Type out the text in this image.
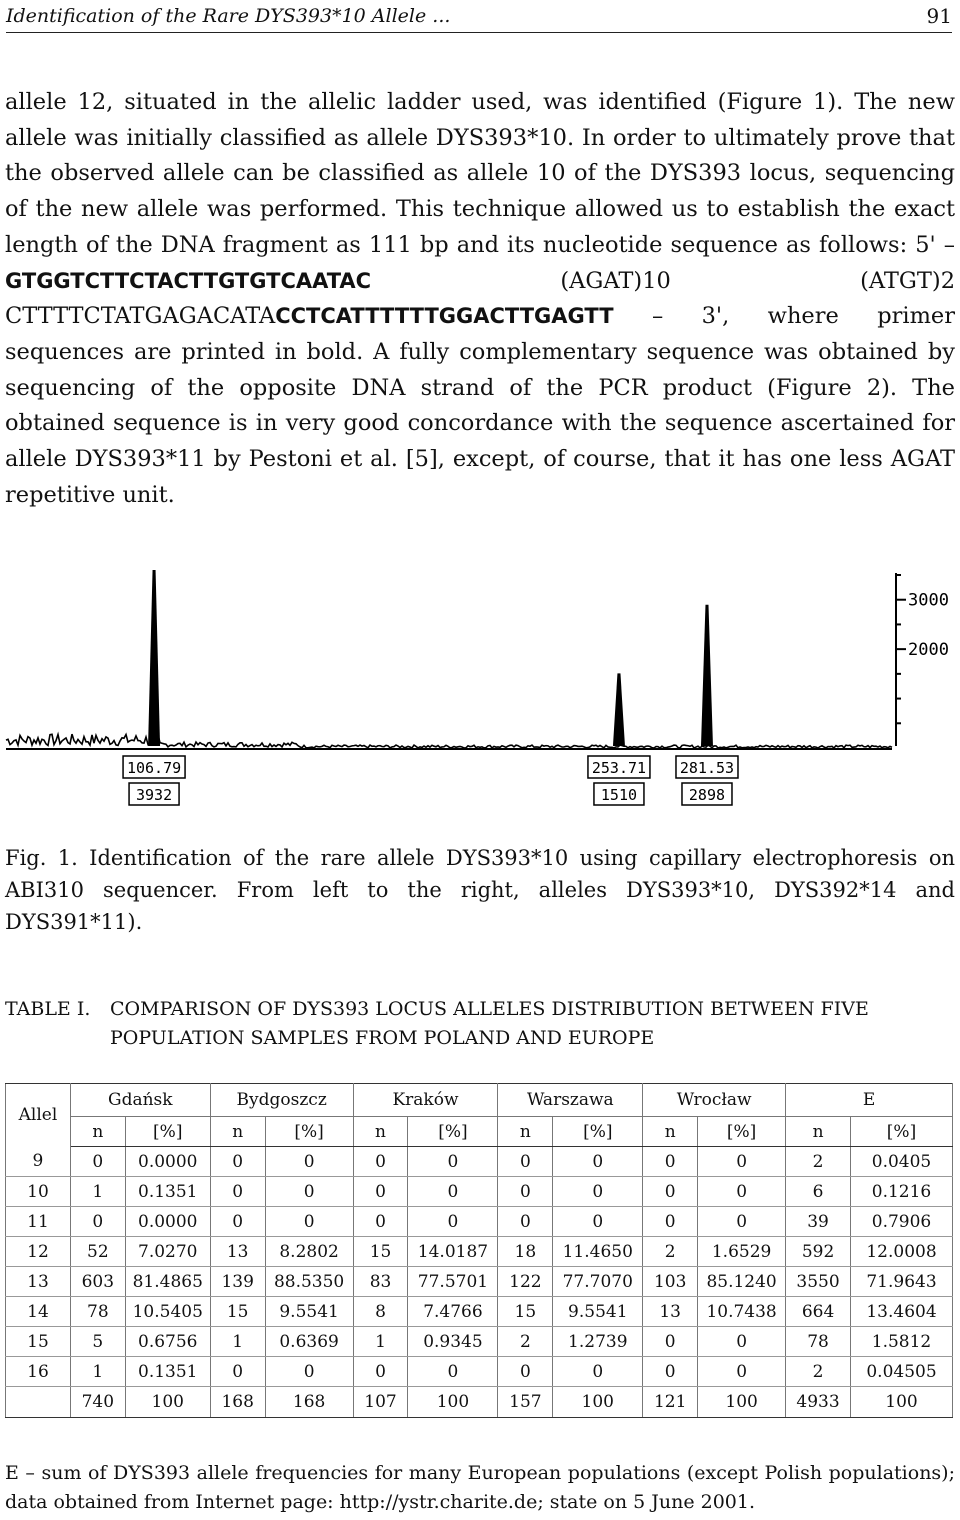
Identification of the Rare DYS393*10 Allele ...	91

allele 12, situated in the allelic ladder used, was identified (Figure 1). The new allele was initially classified as allele DYS393*10. In order to ultimately prove that the observed allele can be classified as allele 10 of the DYS393 locus, sequencing of the new allele was performed. This technique allowed us to establish the exact length of the DNA fragment as 111 bp and its nucleotide sequence as follows: 5' – GTGGTCTTCTACTTGTGTCAATAC	(AGAT)10 (ATGT)2 CTTTTCTATGAGACATACCTCATTTTTTGGACTTGAGTT – 3', where primer sequences are printed in bold. A fully complementary sequence was obtained by sequencing of the opposite DNA strand of the PCR product (Figure 2). The obtained sequence is in very good concordance with the sequence ascertained for allele DYS393*11 by Pestoni et al. [5], except, of course, that it has one less AGAT repetitive unit.

106.79
3932
253.71
1510
281.53
2898
3000
2000

Fig. 1. Identification of the rare allele DYS393*10 using capillary electrophoresis on ABI310 sequencer. From left to the right, alleles DYS393*10, DYS392*14 and DYS391*11).

TABLE I. COMPARISON OF DYS393 LOCUS ALLELES DISTRIBUTION BETWEEN FIVE
POPULATION SAMPLES FROM POLAND AND EUROPE
Allel	Gdańsk		Bydgoszcz		Kraków		Warszawa		Wrocław		E	
	n	[%]	n	[%]	n	[%]	n	[%]	n	[%]	n	[%]
9	0	0.0000	0	0	0	0	0	0	0	0	2	0.0405
10	1	0.1351	0	0	0	0	0	0	0	0	6	0.1216
11	0	0.0000	0	0	0	0	0	0	0	0	39	0.7906
12	52	7.0270	13	8.2802	15	14.0187	18	11.4650	2	1.6529	592	12.0008
13	603	81.4865	139	88.5350	83	77.5701	122	77.7070	103	85.1240	3550	71.9643
14	78	10.5405	15	9.5541	8	7.4766	15	9.5541	13	10.7438	664	13.4604
15	5	0.6756	1	0.6369	1	0.9345	2	1.2739	0	0	78	1.5812
16	1	0.1351	0	0	0	0	0	0	0	0	2	0.04505
	740	100	168	168	107	100	157	100	121	100	4933	100

E – sum of DYS393 allele frequencies for many European populations (except Polish populations); data obtained from Internet page: http://ystr.charite.de; state on 5 June 2001.
